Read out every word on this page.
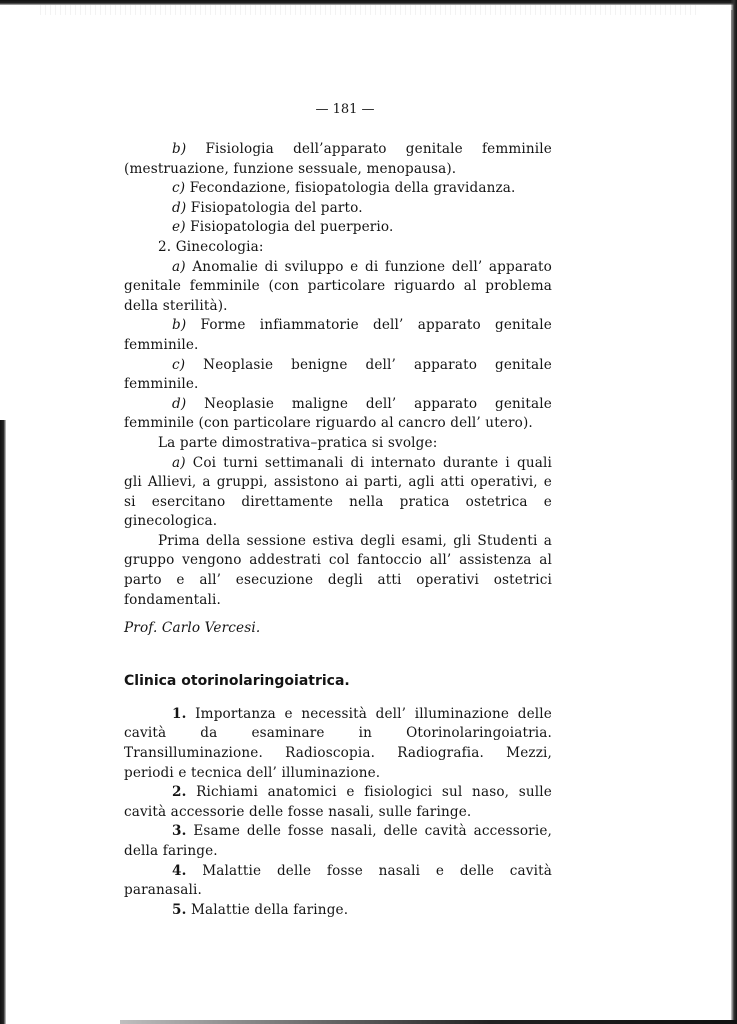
— 181 —

b) Fisiologia dell’apparato genitale femminile (mestruazione, funzione sessuale, menopausa).

c) Fecondazione, fisiopatologia della gravidanza.

d) Fisiopatologia del parto.

e) Fisiopatologia del puerperio.

2. Ginecologia:

a) Anomalie di sviluppo e di funzione dell’ apparato genitale femminile (con particolare riguardo al problema della sterilità).

b) Forme infiammatorie dell’ apparato genitale femminile.

c) Neoplasie benigne dell’ apparato genitale femminile.

d) Neoplasie maligne dell’ apparato genitale femminile (con particolare riguardo al cancro dell’ utero).

La parte dimostrativa–pratica si svolge:

a) Coi turni settimanali di internato durante i quali gli Allievi, a gruppi, assistono ai parti, agli atti operativi, e si esercitano direttamente nella pratica ostetrica e ginecologica.

Prima della sessione estiva degli esami, gli Studenti a gruppo vengono addestrati col fantoccio all’ assistenza al parto e all’ esecuzione degli atti operativi ostetrici fondamentali.

Prof. Carlo Vercesi.

Clinica otorinolaringoiatrica.

1. Importanza e necessità dell’ illuminazione delle cavità da esaminare in Otorinolaringoiatria. Transilluminazione. Radioscopia. Radiografia. Mezzi, periodi e tecnica dell’ illuminazione.

2. Richiami anatomici e fisiologici sul naso, sulle cavità accessorie delle fosse nasali, sulle faringe.

3. Esame delle fosse nasali, delle cavità accessorie, della faringe.

4. Malattie delle fosse nasali e delle cavità paranasali.

5. Malattie della faringe.
